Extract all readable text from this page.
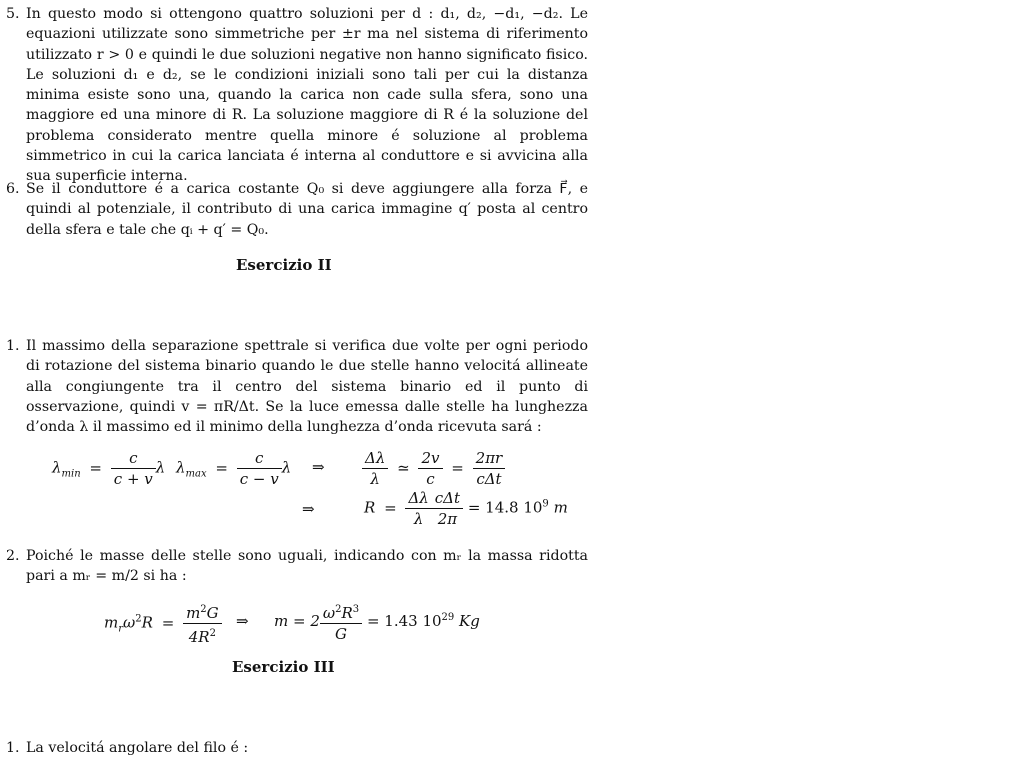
5. In questo modo si ottengono quattro soluzioni per d : d₁, d₂, −d₁, −d₂. Le equazioni utilizzate sono simmetriche per ±r ma nel sistema di riferimento utilizzato r > 0 e quindi le due soluzioni negative non hanno significato fisico. Le soluzioni d₁ e d₂, se le condizioni iniziali sono tali per cui la distanza minima esiste sono una, quando la carica non cade sulla sfera, sono una maggiore ed una minore di R. La soluzione maggiore di R é la soluzione del problema considerato mentre quella minore é soluzione al problema simmetrico in cui la carica lanciata é interna al conduttore e si avvicina alla sua superficie interna.
6. Se il conduttore é a carica costante Q₀ si deve aggiungere alla forza F⃗, e quindi al potenziale, il contributo di una carica immagine q′ posta al centro della sfera e tale che qᵢ + q′ = Q₀.
Esercizio II
1. Il massimo della separazione spettrale si verifica due volte per ogni periodo di rotazione del sistema binario quando le due stelle hanno velocitá allineate alla congiungente tra il centro del sistema binario ed il punto di osservazione, quindi v = πR/Δt. Se la luce emessa dalle stelle ha lunghezza d’onda λ il massimo ed il minimo della lunghezza d’onda ricevuta sará :
$\lambda_{min} = \frac{c}{c + v}$ λ $\lambda_{max} = \frac{c}{c - v}$ λ ⇒ $\frac{\Delta\lambda}{\lambda}$ ≃ $\frac{2v}{c} = \frac{2\pi r}{\text{cΔt}}$
⇒	$R = \frac{\Delta\lambda}{\lambda} \frac{\text{cΔt}}{2\pi} = 14.8$ $10^9$ m
2. Poiché le masse delle stelle sono uguali, indicando con mᵣ la massa ridotta pari a mᵣ = m/2 si ha :
$m_r\omega^2R = \frac{m^2G}{4R^2}$ ⇒ $m = 2 \frac{\omega^2R^3}{G} = 1.43$ $10^{29}$ Kg
Esercizio III
1. La velocitá angolare del filo é :
